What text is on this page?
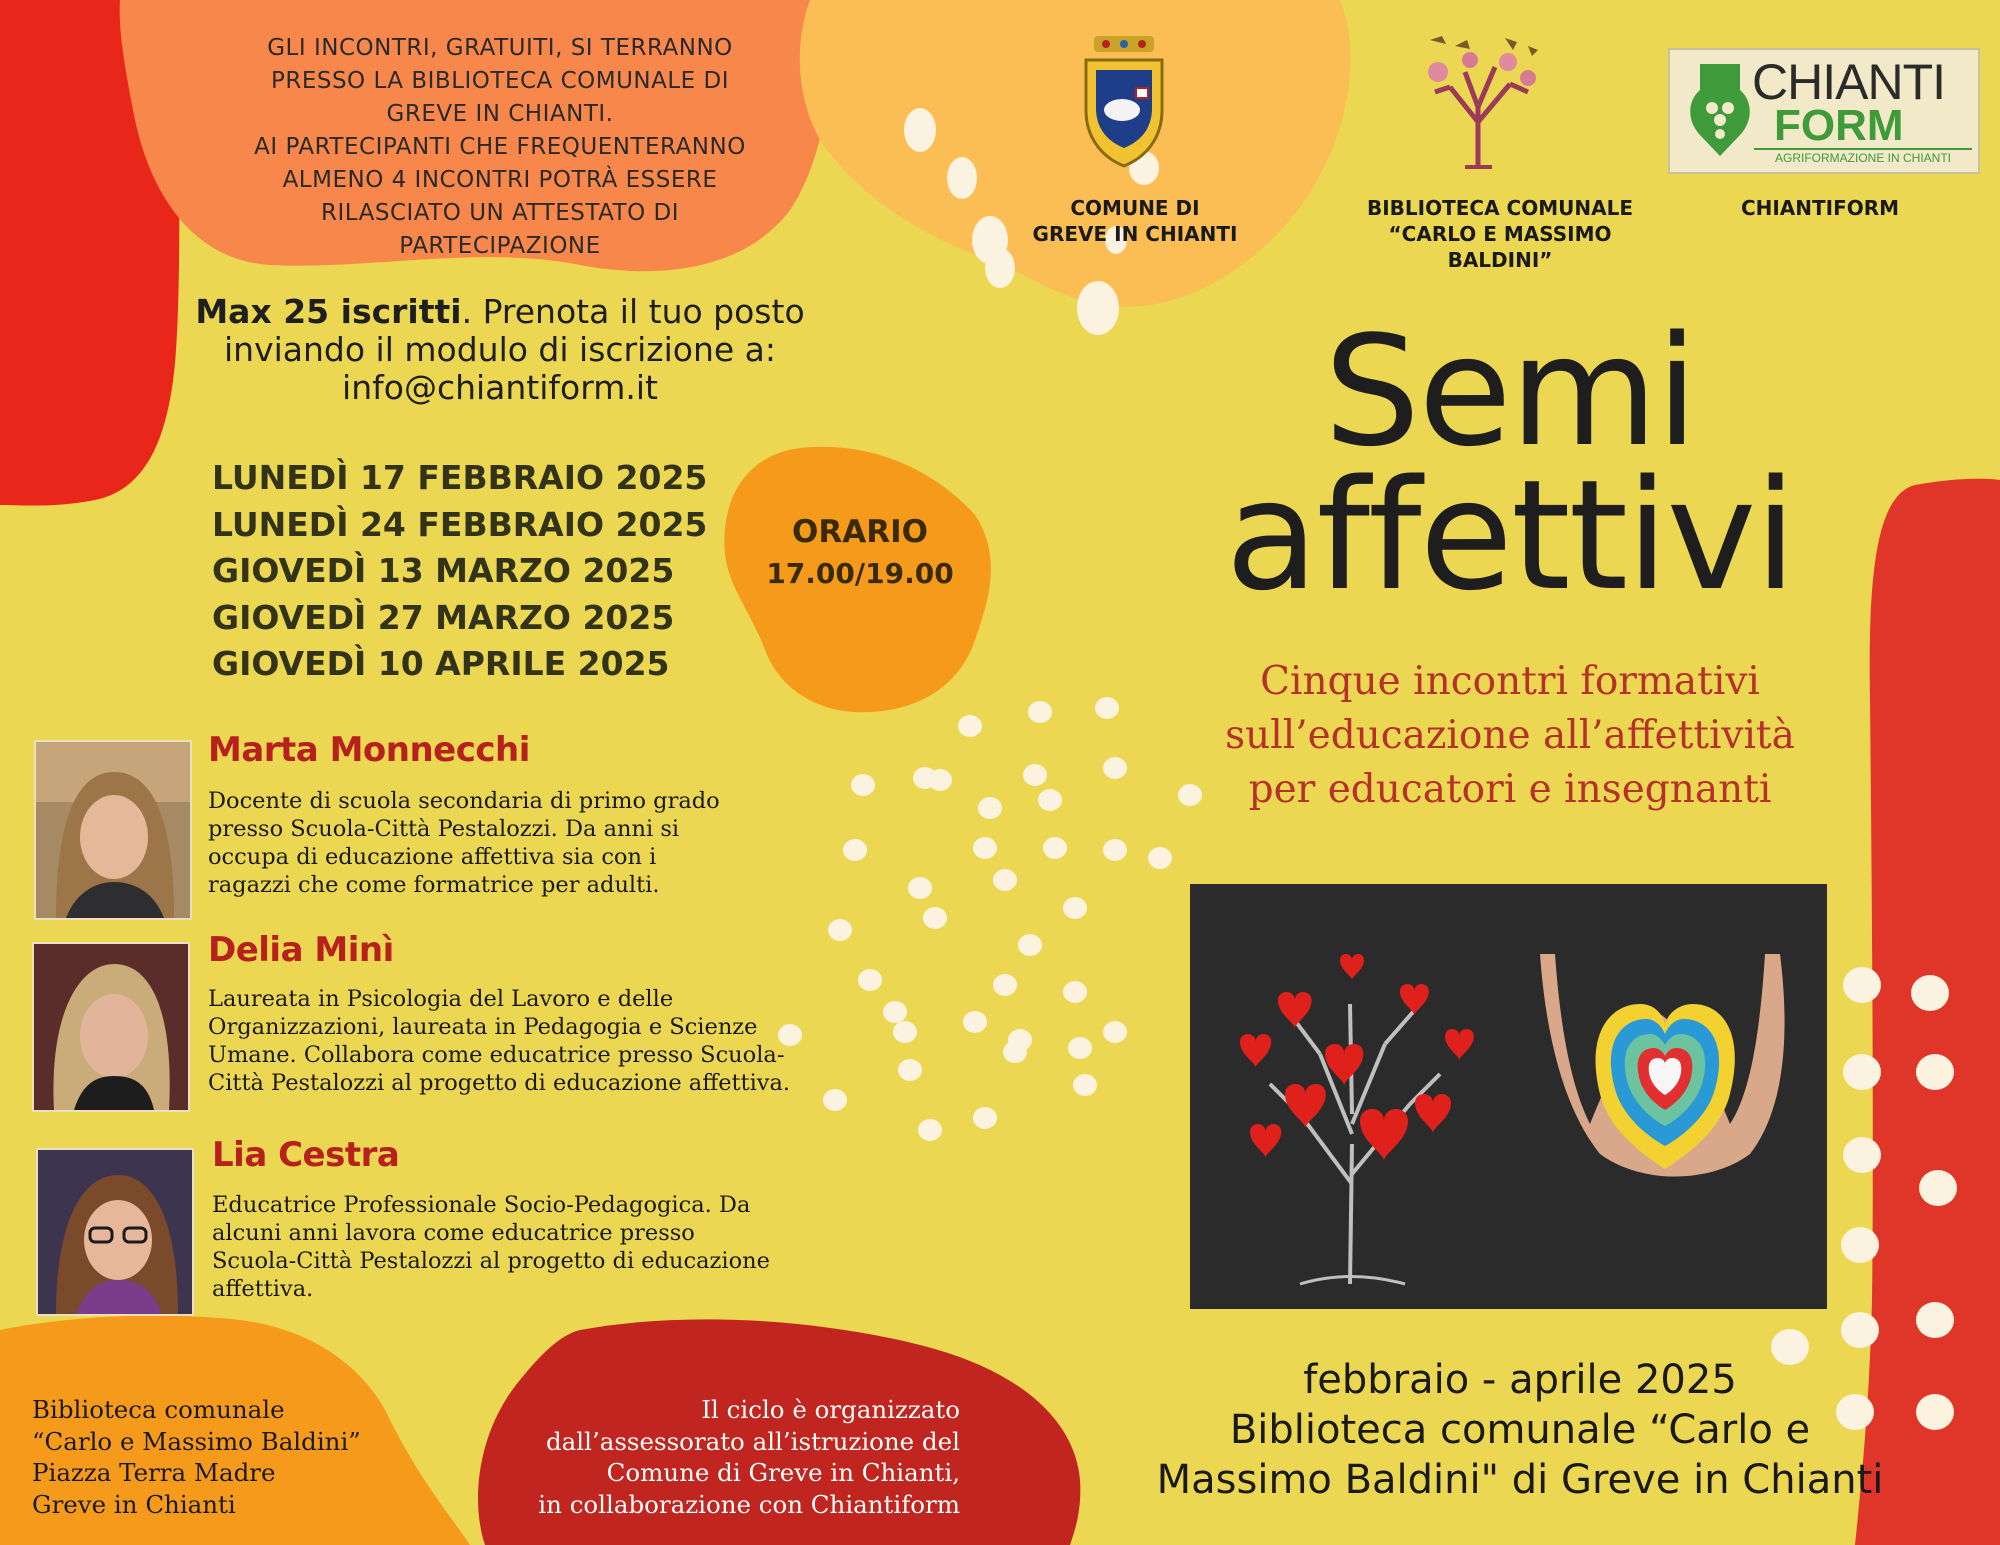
GLI INCONTRI, GRATUITI, SI TERRANNO
PRESSO LA BIBLIOTECA COMUNALE DI
GREVE IN CHIANTI.
AI PARTECIPANTI CHE FREQUENTERANNO
ALMENO 4 INCONTRI POTRÀ ESSERE
RILASCIATO UN ATTESTATO DI
PARTECIPAZIONE
Max 25 iscritti. Prenota il tuo posto
inviando il modulo di iscrizione a:
info@chiantiform.it
LUNEDÌ 17 FEBBRAIO 2025
LUNEDÌ 24 FEBBRAIO 2025
GIOVEDÌ 13 MARZO 2025
GIOVEDÌ 27 MARZO 2025
GIOVEDÌ 10 APRILE 2025
ORARIO
17.00/19.00
COMUNE DI
GREVE IN CHIANTI
BIBLIOTECA COMUNALE
“CARLO E MASSIMO BALDINI”
CHIANTI
FORM
AGRIFORMAZIONE IN CHIANTI
CHIANTIFORM
Semi
affettivi
Cinque incontri formativi
sull’educazione all’affettività
per educatori e insegnanti
Marta Monnecchi
Docente di scuola secondaria di primo grado
presso Scuola-Città Pestalozzi. Da anni si
occupa di educazione affettiva sia con i
ragazzi che come formatrice per adulti.
Delia Minì
Laureata in Psicologia del Lavoro e delle
Organizzazioni, laureata in Pedagogia e Scienze
Umane. Collabora come educatrice presso Scuola-
Città Pestalozzi al progetto di educazione affettiva.
Lia Cestra
Educatrice Professionale Socio-Pedagogica. Da
alcuni anni lavora come educatrice presso
Scuola-Città Pestalozzi al progetto di educazione
affettiva.
febbraio - aprile 2025
Biblioteca comunale “Carlo e
Massimo Baldini" di Greve in Chianti
Biblioteca comunale
“Carlo e Massimo Baldini”
Piazza Terra Madre
Greve in Chianti
Il ciclo è organizzato
dall’assessorato all’istruzione del
Comune di Greve in Chianti,
in collaborazione con Chiantiform
